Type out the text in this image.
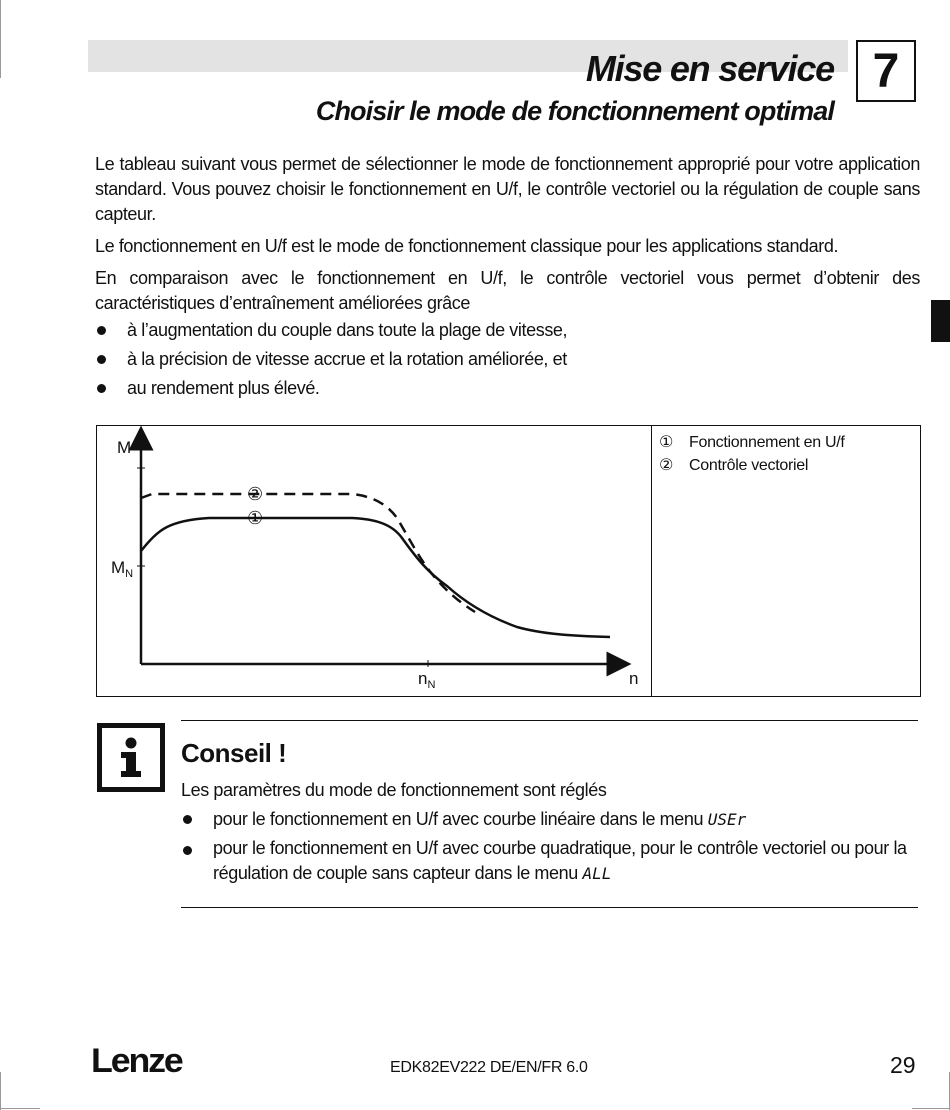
Mise en service
Choisir le mode de fonctionnement optimal
7

Le tableau suivant vous permet de sélectionner le mode de fonctionnement approprié pour votre application standard. Vous pouvez choisir le fonctionnement en U/f, le contrôle vectoriel ou la régulation de couple sans capteur.

Le fonctionnement en U/f est le mode de fonctionnement classique pour les applications standard.

En comparaison avec le fonctionnement en U/f, le contrôle vectoriel vous permet d’obtenir des caractéristiques d’entraînement améliorées grâce

à l’augmentation du couple dans toute la plage de vitesse,
à la précision de vitesse accrue et la rotation améliorée, et
au rendement plus élevé.
M
$M_N$
$n_N$	n
②
①
① Fonctionnement en U/f
② Contrôle vectoriel
Conseil !

Les paramètres du mode de fonctionnement sont réglés

pour le fonctionnement en U/f avec courbe linéaire dans le menu USEr
pour le fonctionnement en U/f avec courbe quadratique, pour le contrôle vectoriel ou pour la régulation de couple sans capteur dans le menu ALL
Lenze	EDK82EV222 DE/EN/FR 6.0	29
